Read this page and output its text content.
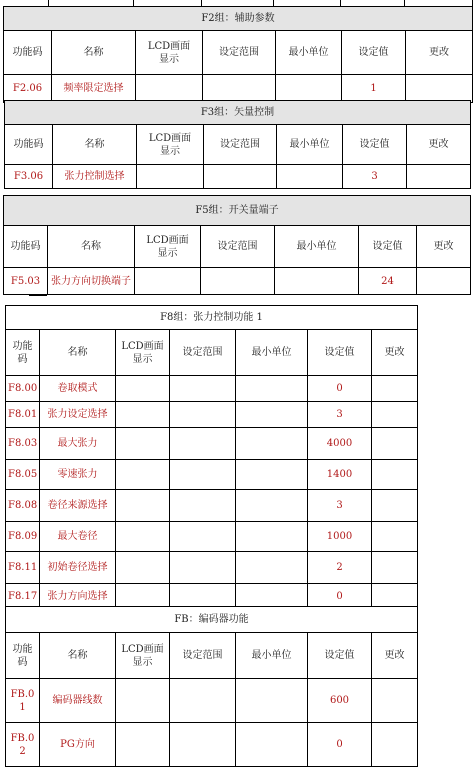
F2组：辅助参数						
功能码	名称	LCD画面
显示	设定范围	最小单位	设定值	更改
F2.06	频率限定选择				1	
F3组：矢量控制						
功能码	名称	LCD画面
显示	设定范围	最小单位	设定值	更改
F3.06	张力控制选择				3	
F5组：开关量端子						
功能码	名称	LCD画面
显示	设定范围	最小单位	设定值	更改
F5.03	张力方向切换端子				24	
F8组：张力控制功能 1						
功能
码	名称	LCD画面
显示	设定范围	最小单位	设定值	更改
F8.00	卷取模式				0	
F8.01	张力设定选择				3	
F8.03	最大张力				4000	
F8.05	零速张力				1400	
F8.08	卷径来源选择				3	
F8.09	最大卷径				1000	
F8.11	初始卷径选择				2	
F8.17	张力方向选择				0	
FB：编码器功能						
功能
码	名称	LCD画面
显示	设定范围	最小单位	设定值	更改
FB.01	编码器线数				600	
FB.02	PG方向				0	
